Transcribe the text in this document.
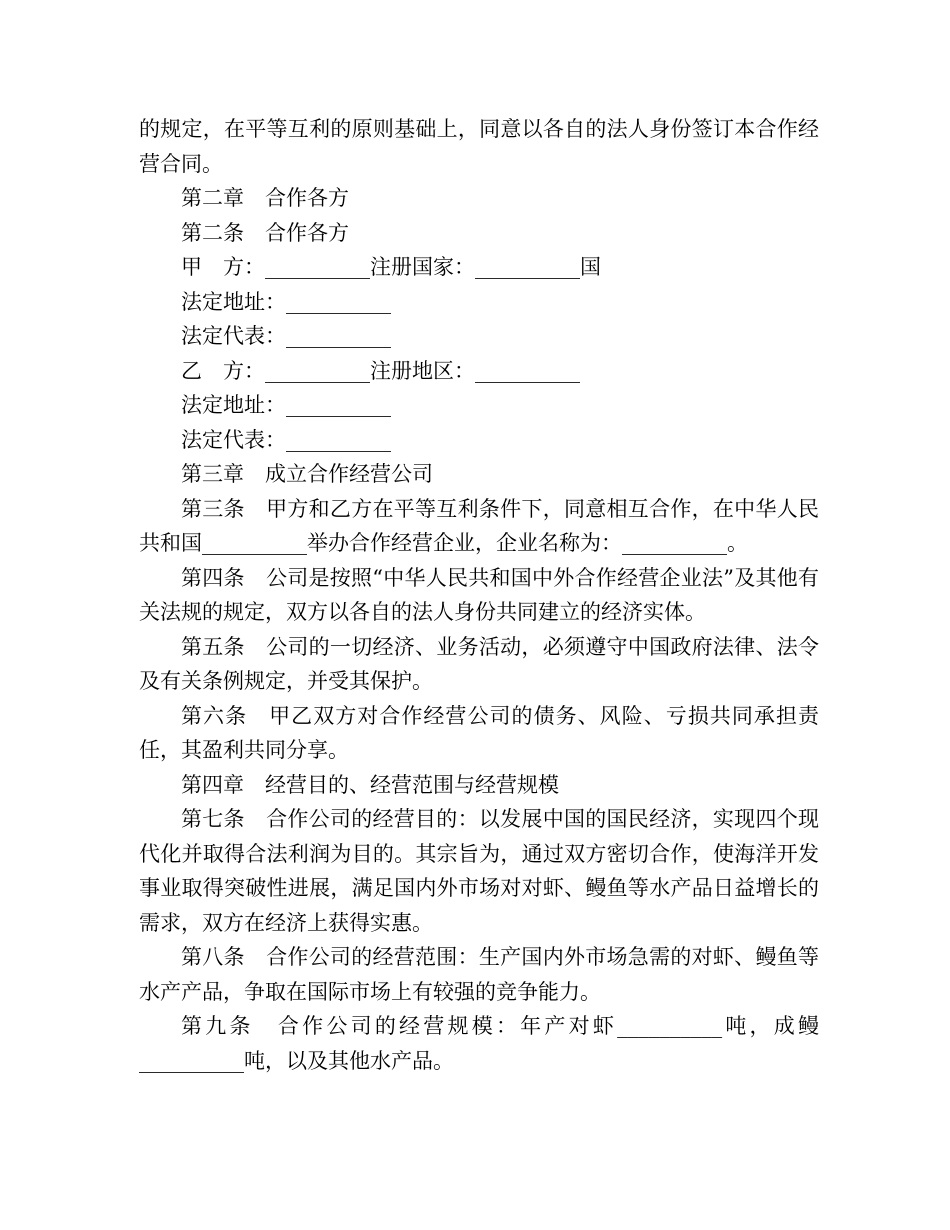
的规定，在平等互利的原则基础上，同意以各自的法人身份签订本合作经营合同。

第二章　合作各方

第二条　合作各方

甲　方：__________注册国家：__________国

法定地址：__________

法定代表：__________

乙　方：__________注册地区：__________

法定地址：__________

法定代表：__________

第三章　成立合作经营公司

第三条　甲方和乙方在平等互利条件下，同意相互合作，在中华人民共和国__________举办合作经营企业，企业名称为：__________。

第四条　公司是按照“中华人民共和国中外合作经营企业法”及其他有关法规的规定，双方以各自的法人身份共同建立的经济实体。

第五条　公司的一切经济、业务活动，必须遵守中国政府法律、法令及有关条例规定，并受其保护。

第六条　甲乙双方对合作经营公司的债务、风险、亏损共同承担责任，其盈利共同分享。

第四章　经营目的、经营范围与经营规模

第七条　合作公司的经营目的：以发展中国的国民经济，实现四个现代化并取得合法利润为目的。其宗旨为，通过双方密切合作，使海洋开发事业取得突破性进展，满足国内外市场对对虾、鳗鱼等水产品日益增长的需求，双方在经济上获得实惠。

第八条　合作公司的经营范围：生产国内外市场急需的对虾、鳗鱼等水产产品，争取在国际市场上有较强的竞争能力。

第九条　合作公司的经营规模：年产对虾__________吨，成鳗__________吨，以及其他水产品。
